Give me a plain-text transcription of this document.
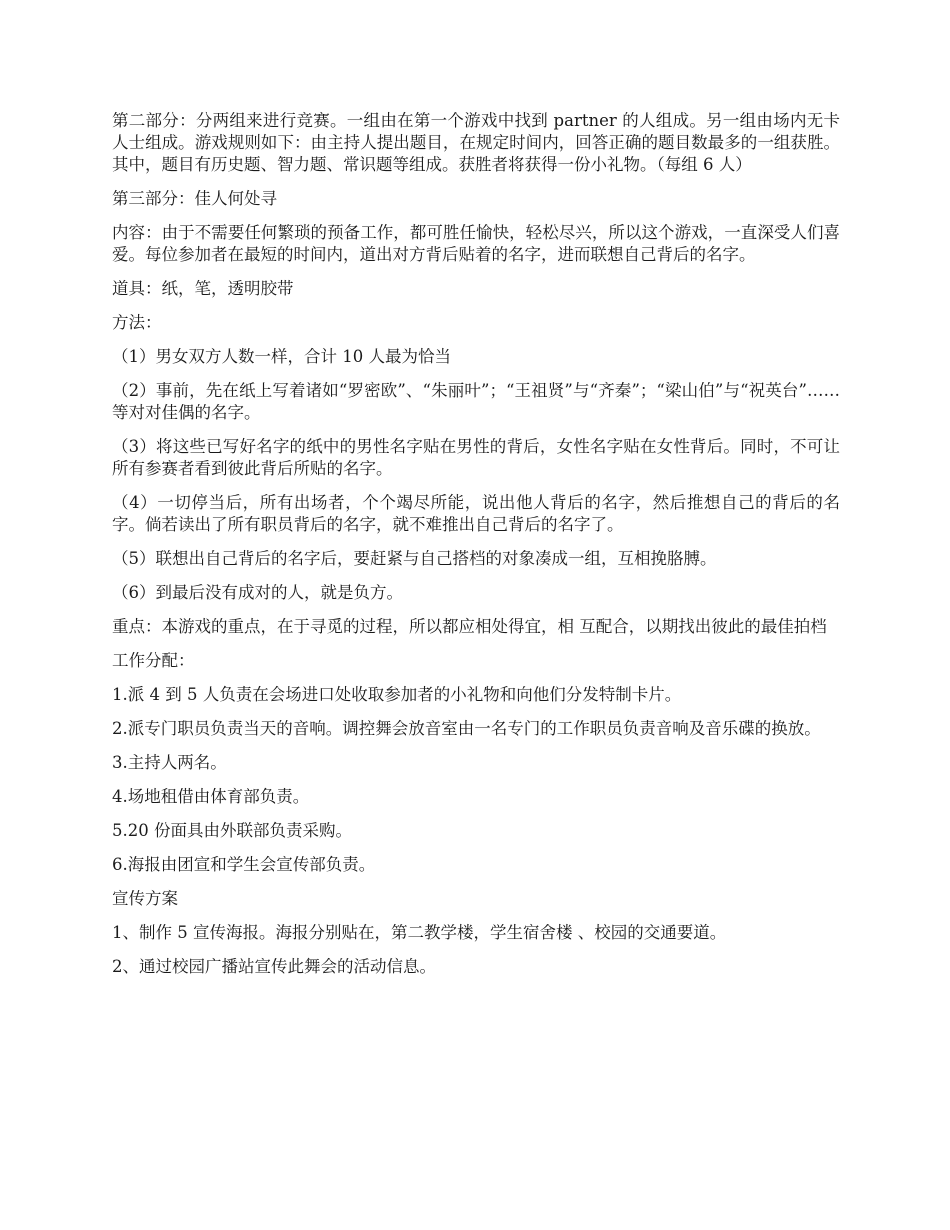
第二部分：分两组来进行竞赛。一组由在第一个游戏中找到 partner 的人组成。另一组由场内无卡人士组成。游戏规则如下：由主持人提出题目，在规定时间内，回答正确的题目数最多的一组获胜。其中，题目有历史题、智力题、常识题等组成。获胜者将获得一份小礼物。（每组 6 人）

第三部分：佳人何处寻

内容：由于不需要任何繁琐的预备工作，都可胜任愉快，轻松尽兴，所以这个游戏，一直深受人们喜爱。每位参加者在最短的时间内，道出对方背后贴着的名字，进而联想自己背后的名字。

道具：纸，笔，透明胶带

方法：

（1）男女双方人数一样，合计 10 人最为恰当

（2）事前，先在纸上写着诸如“罗密欧”、“朱丽叶”；“王祖贤”与“齐秦”；“梁山伯”与“祝英台”……等对对佳偶的名字。

（3）将这些已写好名字的纸中的男性名字贴在男性的背后，女性名字贴在女性背后。同时，不可让所有参赛者看到彼此背后所贴的名字。

（4）一切停当后，所有出场者，个个竭尽所能，说出他人背后的名字，然后推想自己的背后的名字。倘若读出了所有职员背后的名字，就不难推出自己背后的名字了。

（5）联想出自己背后的名字后，要赶紧与自己搭档的对象凑成一组，互相挽胳膊。

（6）到最后没有成对的人，就是负方。

重点：本游戏的重点，在于寻觅的过程，所以都应相处得宜，相 互配合，以期找出彼此的最佳拍档

工作分配：

1.派 4 到 5 人负责在会场进口处收取参加者的小礼物和向他们分发特制卡片。

2.派专门职员负责当天的音响。调控舞会放音室由一名专门的工作职员负责音响及音乐碟的换放。

3.主持人两名。

4.场地租借由体育部负责。

5.20 份面具由外联部负责采购。

6.海报由团宣和学生会宣传部负责。

宣传方案

1、制作 5 宣传海报。海报分别贴在，第二教学楼，学生宿舍楼 、校园的交通要道。

2、通过校园广播站宣传此舞会的活动信息。
